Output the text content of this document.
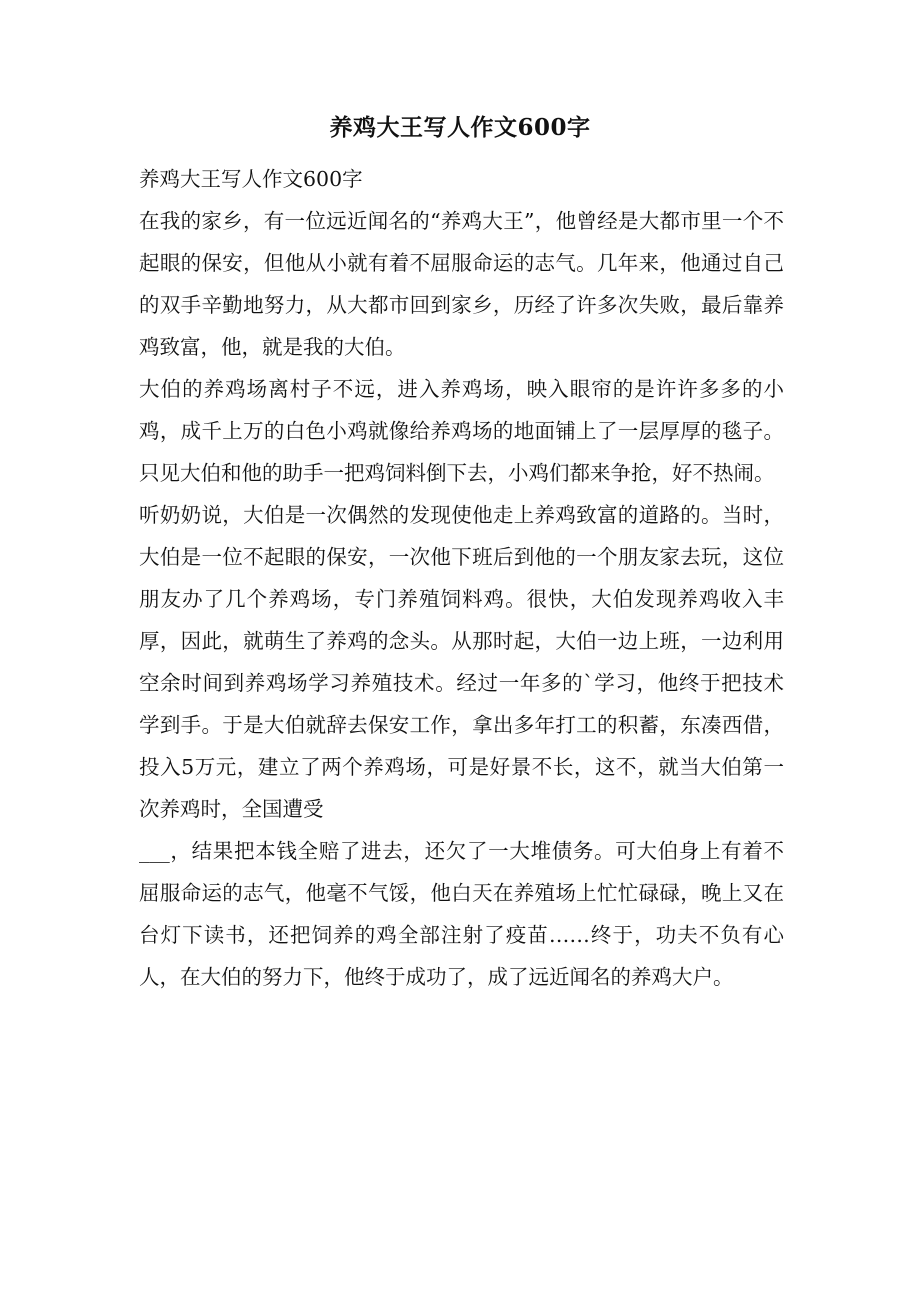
养鸡大王写人作文600字

养鸡大王写人作文600字

在我的家乡，有一位远近闻名的“养鸡大王”，他曾经是大都市里一个不起眼的保安，但他从小就有着不屈服命运的志气。几年来，他通过自己的双手辛勤地努力，从大都市回到家乡，历经了许多次失败，最后靠养鸡致富，他，就是我的大伯。

大伯的养鸡场离村子不远，进入养鸡场，映入眼帘的是许许多多的小鸡，成千上万的白色小鸡就像给养鸡场的地面铺上了一层厚厚的毯子。只见大伯和他的助手一把鸡饲料倒下去，小鸡们都来争抢，好不热闹。

听奶奶说，大伯是一次偶然的发现使他走上养鸡致富的道路的。当时，大伯是一位不起眼的保安，一次他下班后到他的一个朋友家去玩，这位朋友办了几个养鸡场，专门养殖饲料鸡。很快，大伯发现养鸡收入丰厚，因此，就萌生了养鸡的念头。从那时起，大伯一边上班，一边利用空余时间到养鸡场学习养殖技术。经过一年多的`学习，他终于把技术学到手。于是大伯就辞去保安工作，拿出多年打工的积蓄，东凑西借，投入5万元，建立了两个养鸡场，可是好景不长，这不，就当大伯第一次养鸡时，全国遭受

___，结果把本钱全赔了进去，还欠了一大堆债务。可大伯身上有着不屈服命运的志气，他毫不气馁，他白天在养殖场上忙忙碌碌，晚上又在台灯下读书，还把饲养的鸡全部注射了疫苗……终于，功夫不负有心人，在大伯的努力下，他终于成功了，成了远近闻名的养鸡大户。
